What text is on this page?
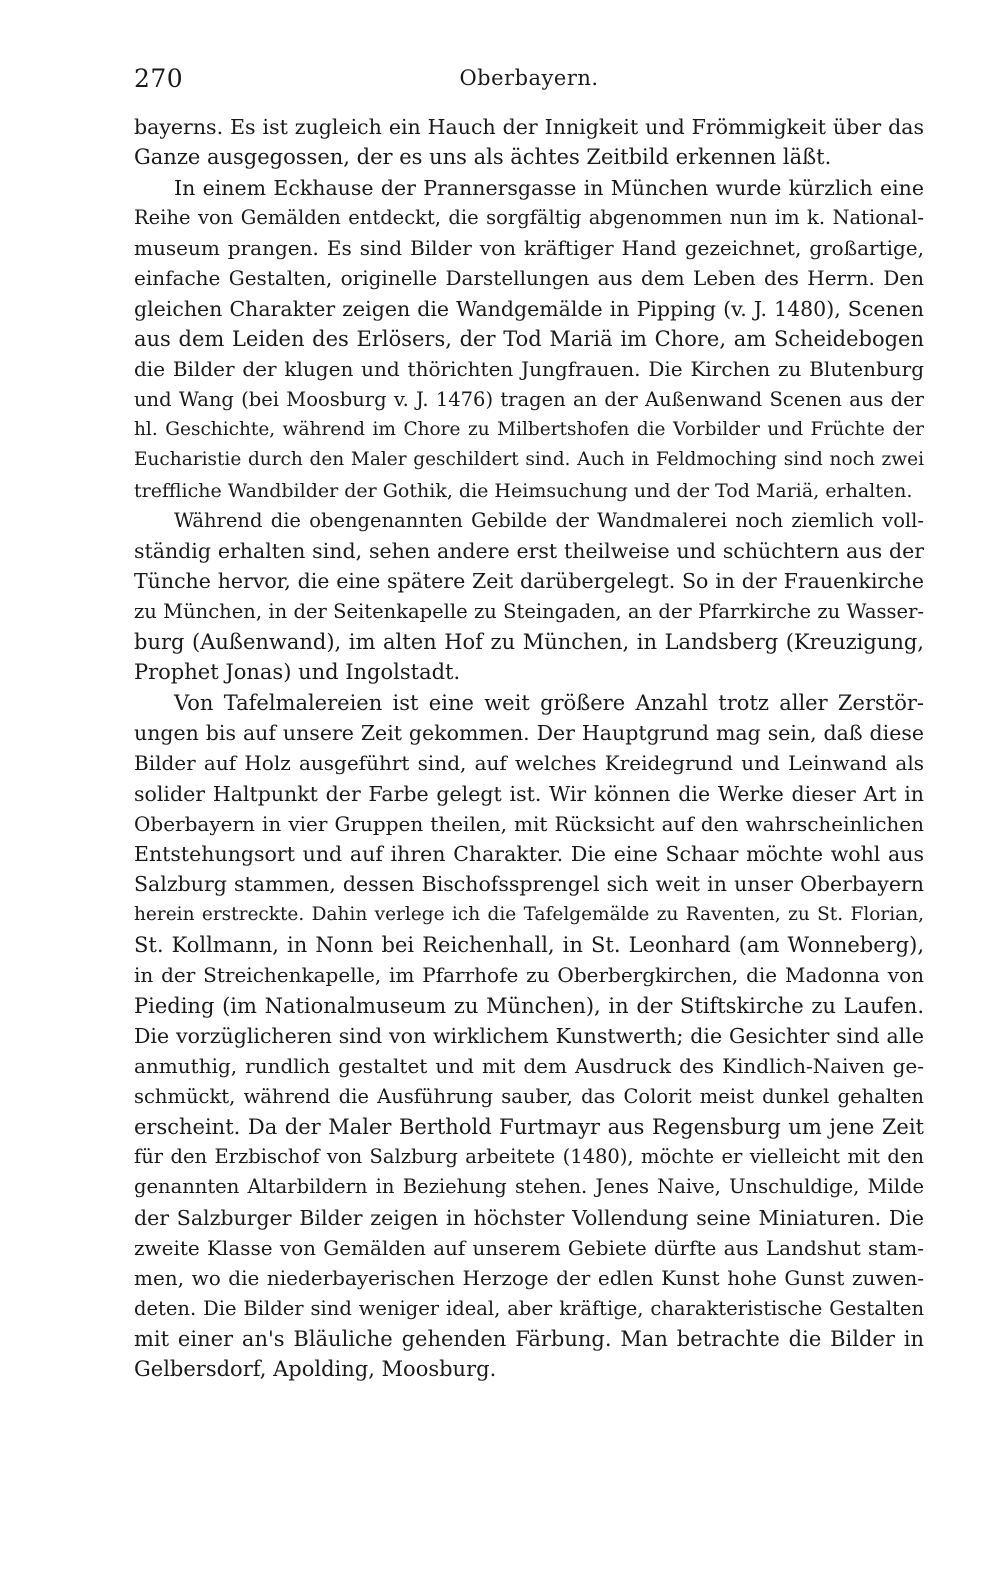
270	Oberbayern.
bayerns. Es ist zugleich ein Hauch der Innigkeit und Frömmigkeit über das
Ganze ausgegossen, der es uns als ächtes Zeitbild erkennen läßt.
In einem Eckhause der Prannersgasse in München wurde kürzlich eine
Reihe von Gemälden entdeckt, die sorgfältig abgenommen nun im k. National-
museum prangen. Es sind Bilder von kräftiger Hand gezeichnet, großartige,
einfache Gestalten, originelle Darstellungen aus dem Leben des Herrn. Den
gleichen Charakter zeigen die Wandgemälde in Pipping (v. J. 1480), Scenen
aus dem Leiden des Erlösers, der Tod Mariä im Chore, am Scheidebogen
die Bilder der klugen und thörichten Jungfrauen. Die Kirchen zu Blutenburg
und Wang (bei Moosburg v. J. 1476) tragen an der Außenwand Scenen aus der
hl. Geschichte, während im Chore zu Milbertshofen die Vorbilder und Früchte der
Eucharistie durch den Maler geschildert sind. Auch in Feldmoching sind noch zwei
treffliche Wandbilder der Gothik, die Heimsuchung und der Tod Mariä, erhalten.
Während die obengenannten Gebilde der Wandmalerei noch ziemlich voll-
ständig erhalten sind, sehen andere erst theilweise und schüchtern aus der
Tünche hervor, die eine spätere Zeit darübergelegt. So in der Frauenkirche
zu München, in der Seitenkapelle zu Steingaden, an der Pfarrkirche zu Wasser-
burg (Außenwand), im alten Hof zu München, in Landsberg (Kreuzigung,
Prophet Jonas) und Ingolstadt.
Von Tafelmalereien ist eine weit größere Anzahl trotz aller Zerstör-
ungen bis auf unsere Zeit gekommen. Der Hauptgrund mag sein, daß diese
Bilder auf Holz ausgeführt sind, auf welches Kreidegrund und Leinwand als
solider Haltpunkt der Farbe gelegt ist. Wir können die Werke dieser Art in
Oberbayern in vier Gruppen theilen, mit Rücksicht auf den wahrscheinlichen
Entstehungsort und auf ihren Charakter. Die eine Schaar möchte wohl aus
Salzburg stammen, dessen Bischofssprengel sich weit in unser Oberbayern
herein erstreckte. Dahin verlege ich die Tafelgemälde zu Raventen, zu St. Florian,
St. Kollmann, in Nonn bei Reichenhall, in St. Leonhard (am Wonneberg),
in der Streichenkapelle, im Pfarrhofe zu Oberbergkirchen, die Madonna von
Pieding (im Nationalmuseum zu München), in der Stiftskirche zu Laufen.
Die vorzüglicheren sind von wirklichem Kunstwerth; die Gesichter sind alle
anmuthig, rundlich gestaltet und mit dem Ausdruck des Kindlich-Naiven ge-
schmückt, während die Ausführung sauber, das Colorit meist dunkel gehalten
erscheint. Da der Maler Berthold Furtmayr aus Regensburg um jene Zeit
für den Erzbischof von Salzburg arbeitete (1480), möchte er vielleicht mit den
genannten Altarbildern in Beziehung stehen. Jenes Naive, Unschuldige, Milde
der Salzburger Bilder zeigen in höchster Vollendung seine Miniaturen. Die
zweite Klasse von Gemälden auf unserem Gebiete dürfte aus Landshut stam-
men, wo die niederbayerischen Herzoge der edlen Kunst hohe Gunst zuwen-
deten. Die Bilder sind weniger ideal, aber kräftige, charakteristische Gestalten
mit einer an's Bläuliche gehenden Färbung. Man betrachte die Bilder in
Gelbersdorf, Apolding, Moosburg.
